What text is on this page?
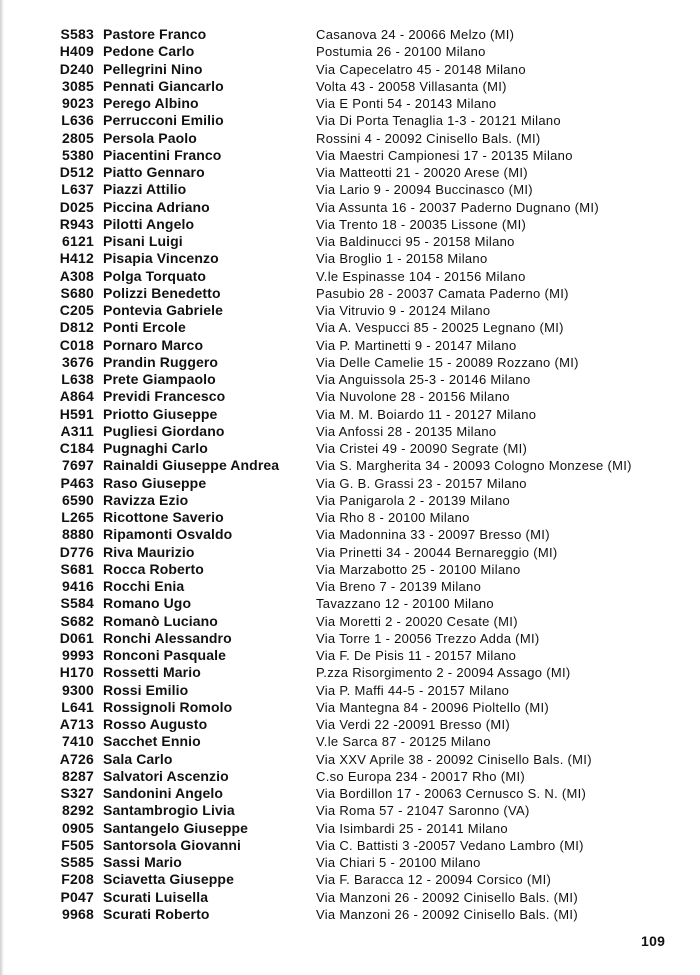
S583 Pastore Franco	Casanova 24 - 20066 Melzo (MI)
H409 Pedone Carlo	Postumia 26 - 20100 Milano
D240 Pellegrini Nino	Via Capecelatro 45 - 20148 Milano
3085 Pennati Giancarlo	Volta 43 - 20058 Villasanta (MI)
9023 Perego Albino	Via E Ponti 54 - 20143 Milano
L636 Perrucconi Emilio	Via Di Porta Tenaglia 1-3 - 20121 Milano
2805 Persola Paolo	Rossini 4 - 20092 Cinisello Bals. (MI)
5380 Piacentini Franco	Via Maestri Campionesi 17 - 20135 Milano
D512 Piatto Gennaro	Via Matteotti 21 - 20020 Arese (MI)
L637 Piazzi Attilio	Via Lario 9 - 20094 Buccinasco (MI)
D025 Piccina Adriano	Via Assunta 16 - 20037 Paderno Dugnano (MI)
R943 Pilotti Angelo	Via Trento 18 - 20035 Lissone (MI)
6121 Pisani Luigi	Via Baldinucci 95 - 20158 Milano
H412 Pisapia Vincenzo	Via Broglio 1 - 20158 Milano
A308 Polga Torquato	V.le Espinasse 104 - 20156 Milano
S680 Polizzi Benedetto	Pasubio 28 - 20037 Camata Paderno (MI)
C205 Pontevia Gabriele	Via Vitruvio 9 - 20124 Milano
D812 Ponti Ercole	Via A. Vespucci 85 - 20025 Legnano (MI)
C018 Pornaro Marco	Via P. Martinetti 9 - 20147 Milano
3676 Prandin Ruggero	Via Delle Camelie 15 - 20089 Rozzano (MI)
L638 Prete Giampaolo	Via Anguissola 25-3 - 20146 Milano
A864 Previdi Francesco	Via Nuvolone 28 - 20156 Milano
H591 Priotto Giuseppe	Via M. M. Boiardo 11 - 20127 Milano
A311 Pugliesi Giordano	Via Anfossi 28 - 20135 Milano
C184 Pugnaghi Carlo	Via Cristei 49 - 20090 Segrate (MI)
7697 Rainaldi Giuseppe Andrea	Via S. Margherita 34 - 20093 Cologno Monzese (MI)
P463 Raso Giuseppe	Via G. B. Grassi 23 - 20157 Milano
6590 Ravizza Ezio	Via Panigarola 2 - 20139 Milano
L265 Ricottone Saverio	Via Rho 8 - 20100 Milano
8880 Ripamonti Osvaldo	Via Madonnina 33 - 20097 Bresso (MI)
D776 Riva Maurizio	Via Prinetti 34 - 20044 Bernareggio (MI)
S681 Rocca Roberto	Via Marzabotto 25 - 20100 Milano
9416 Rocchi Enia	Via Breno 7 - 20139 Milano
S584 Romano Ugo	Tavazzano 12 - 20100 Milano
S682 Romanò Luciano	Via Moretti 2 - 20020 Cesate (MI)
D061 Ronchi Alessandro	Via Torre 1 - 20056 Trezzo Adda (MI)
9993 Ronconi Pasquale	Via F. De Pisis 11 - 20157 Milano
H170 Rossetti Mario	P.zza Risorgimento 2 - 20094 Assago (MI)
9300 Rossi Emilio	Via P. Maffi 44-5 - 20157 Milano
L641 Rossignoli Romolo	Via Mantegna 84 - 20096 Pioltello (MI)
A713 Rosso Augusto	Via Verdi 22 -20091 Bresso (MI)
7410 Sacchet Ennio	V.le Sarca 87 - 20125 Milano
A726 Sala Carlo	Via XXV Aprile 38 - 20092 Cinisello Bals. (MI)
8287 Salvatori Ascenzio	C.so Europa 234 - 20017 Rho (MI)
S327 Sandonini Angelo	Via Bordillon 17 - 20063 Cernusco S. N. (MI)
8292 Santambrogio Livia	Via Roma 57 - 21047 Saronno (VA)
0905 Santangelo Giuseppe	Via Isimbardi 25 - 20141 Milano
F505 Santorsola Giovanni	Via C. Battisti 3 -20057 Vedano Lambro (MI)
S585 Sassi Mario	Via Chiari 5 - 20100 Milano
F208 Sciavetta Giuseppe	Via F. Baracca 12 - 20094 Corsico (MI)
P047 Scurati Luisella	Via Manzoni 26 - 20092 Cinisello Bals. (MI)
9968 Scurati Roberto	Via Manzoni 26 - 20092 Cinisello Bals. (MI)
109
